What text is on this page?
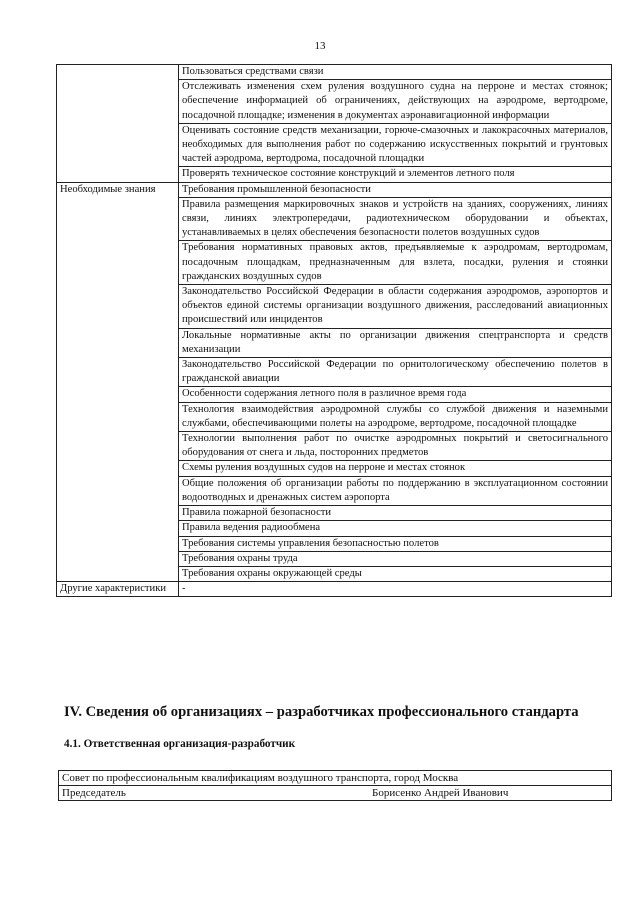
13
	Пользоваться средствами связи
	Отслеживать изменения схем руления воздушного судна на перроне и местах стоянок; обеспечение информацией об ограничениях, действующих на аэродроме, вертодроме, посадочной площадке; изменения в документах аэронавигационной информации
	Оценивать состояние средств механизации, горюче-смазочных и лакокрасочных материалов, необходимых для выполнения работ по содержанию искусственных покрытий и грунтовых частей аэродрома, вертодрома, посадочной площадки
	Проверять техническое состояние конструкций и элементов летного поля
Необходимые знания	Требования промышленной безопасности
	Правила размещения маркировочных знаков и устройств на зданиях, сооружениях, линиях связи, линиях электропередачи, радиотехническом оборудовании и объектах, устанавливаемых в целях обеспечения безопасности полетов воздушных судов
	Требования нормативных правовых актов, предъявляемые к аэродромам, вертодромам, посадочным площадкам, предназначенным для взлета, посадки, руления и стоянки гражданских воздушных судов
	Законодательство Российской Федерации в области содержания аэродромов, аэропортов и объектов единой системы организации воздушного движения, расследований авиационных происшествий или инцидентов
	Локальные нормативные акты по организации движения спецтранспорта и средств механизации
	Законодательство Российской Федерации по орнитологическому обеспечению полетов в гражданской авиации
	Особенности содержания летного поля в различное время года
	Технология взаимодействия аэродромной службы со службой движения и наземными службами, обеспечивающими полеты на аэродроме, вертодроме, посадочной площадке
	Технологии выполнения работ по очистке аэродромных покрытий и светосигнального оборудования от снега и льда, посторонних предметов
	Схемы руления воздушных судов на перроне и местах стоянок
	Общие положения об организации работы по поддержанию в эксплуатационном состоянии водоотводных и дренажных систем аэропорта
	Правила пожарной безопасности
	Правила ведения радиообмена
	Требования системы управления безопасностью полетов
	Требования охраны труда
	Требования охраны окружающей среды
Другие характеристики	-
IV. Сведения об организациях – разработчиках профессионального стандарта
4.1. Ответственная организация-разработчик
Совет по профессиональным квалификациям воздушного транспорта, город Москва

Председатель	Борисенко Андрей Иванович
